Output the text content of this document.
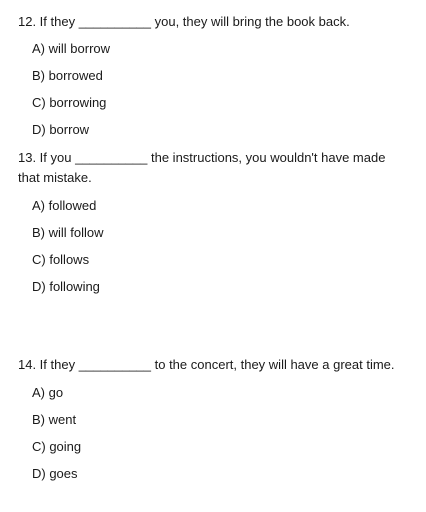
12. If they __________ you, they will bring the book back.

A) will borrow
B) borrowed
C) borrowing
D) borrow

13. If you __________ the instructions, you wouldn't have made that mistake.

A) followed
B) will follow
C) follows
D) following

14. If they __________ to the concert, they will have a great time.

A) go
B) went
C) going
D) goes
